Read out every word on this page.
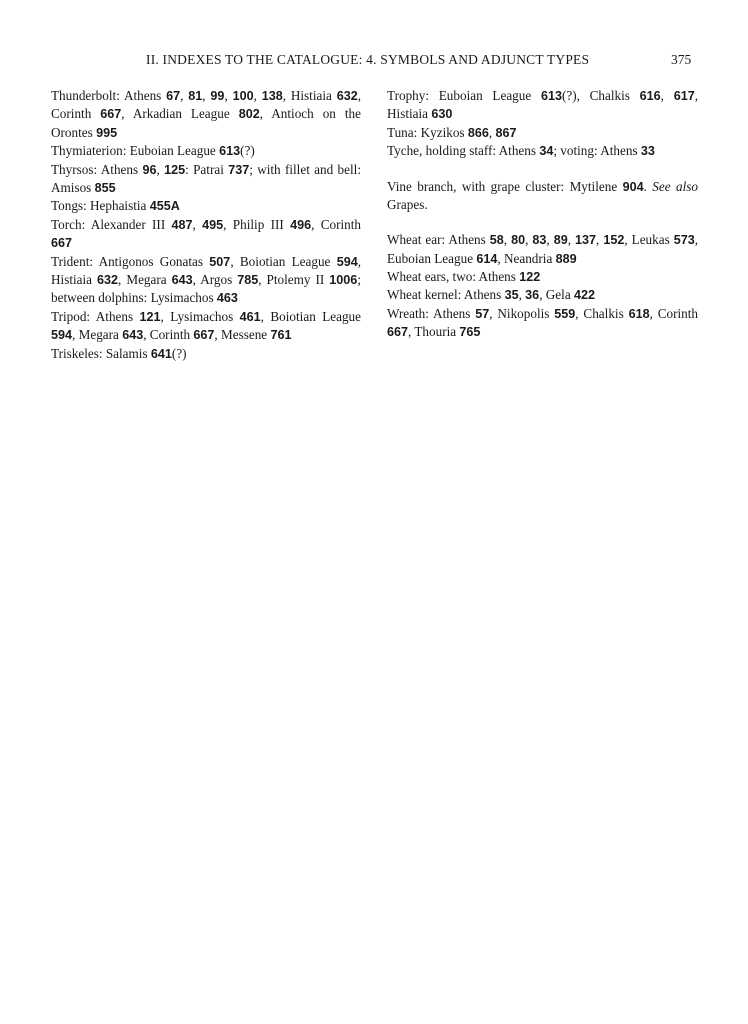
II. INDEXES TO THE CATALOGUE: 4. SYMBOLS AND ADJUNCT TYPES	375
Thunderbolt: Athens 67, 81, 99, 100, 138, Histiaia 632, Corinth 667, Arkadian League 802, Antioch on the Orontes 995
Thymiaterion: Euboian League 613(?)
Thyrsos: Athens 96, 125: Patrai 737; with fillet and bell: Amisos 855
Tongs: Hephaistia 455A
Torch: Alexander III 487, 495, Philip III 496, Corinth 667
Trident: Antigonos Gonatas 507, Boiotian League 594, Histiaia 632, Megara 643, Argos 785, Ptolemy II 1006; between dolphins: Lysimachos 463
Tripod: Athens 121, Lysimachos 461, Boiotian League 594, Megara 643, Corinth 667, Messene 761
Triskeles: Salamis 641(?)
Trophy: Euboian League 613(?), Chalkis 616, 617, Histiaia 630
Tuna: Kyzikos 866, 867
Tyche, holding staff: Athens 34; voting: Athens 33
Vine branch, with grape cluster: Mytilene 904. See also Grapes.
Wheat ear: Athens 58, 80, 83, 89, 137, 152, Leukas 573, Euboian League 614, Neandria 889
Wheat ears, two: Athens 122
Wheat kernel: Athens 35, 36, Gela 422
Wreath: Athens 57, Nikopolis 559, Chalkis 618, Corinth 667, Thouria 765
